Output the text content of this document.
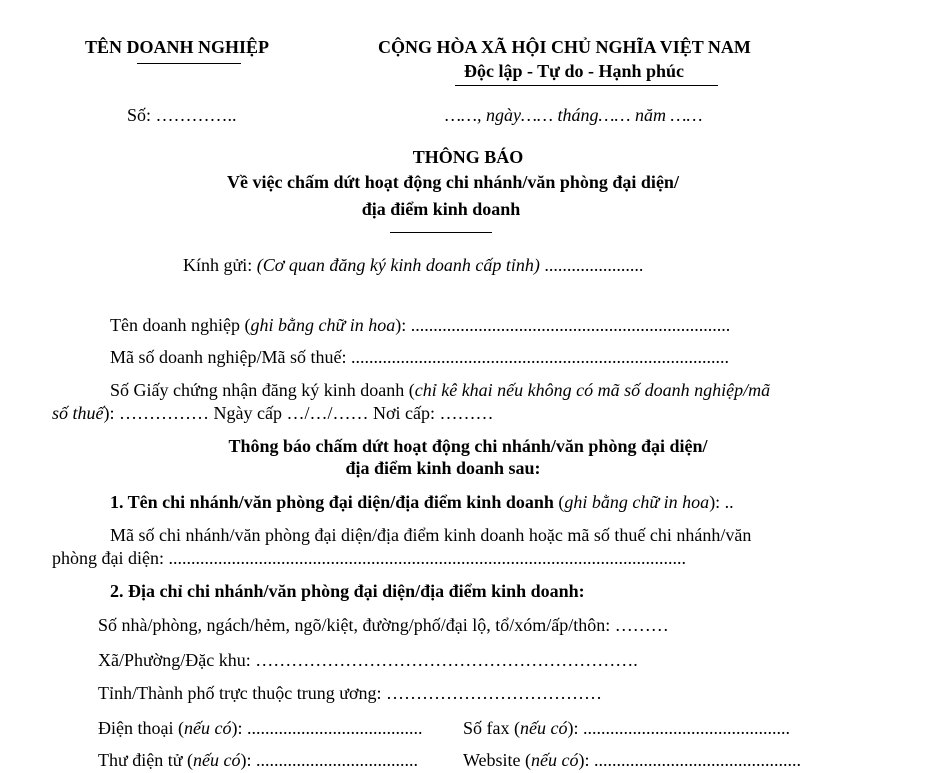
TÊN DOANH NGHIỆP	CỘNG HÒA XÃ HỘI CHỦ NGHĨA VIỆT NAM
Độc lập - Tự do - Hạnh phúc
Số: …………..	……, ngày…… tháng…… năm ……
THÔNG BÁO
Về việc chấm dứt hoạt động chi nhánh/văn phòng đại diện/
địa điểm kinh doanh
Kính gửi: (Cơ quan đăng ký kinh doanh cấp tỉnh) ......................
Tên doanh nghiệp (ghi bằng chữ in hoa): .......................................................................
Mã số doanh nghiệp/Mã số thuế: ....................................................................................
Số Giấy chứng nhận đăng ký kinh doanh (chỉ kê khai nếu không có mã số doanh nghiệp/mã
số thuế): …………… Ngày cấp …/…/…… Nơi cấp: ………
Thông báo chấm dứt hoạt động chi nhánh/văn phòng đại diện/
địa điểm kinh doanh sau:
1. Tên chi nhánh/văn phòng đại diện/địa điểm kinh doanh (ghi bằng chữ in hoa): ..
Mã số chi nhánh/văn phòng đại diện/địa điểm kinh doanh hoặc mã số thuế chi nhánh/văn
phòng đại diện: ...................................................................................................................
2. Địa chỉ chi nhánh/văn phòng đại diện/địa điểm kinh doanh:
Số nhà/phòng, ngách/hẻm, ngõ/kiệt, đường/phố/đại lộ, tổ/xóm/ấp/thôn: ………
Xã/Phường/Đặc khu: ……………………………………………………….
Tỉnh/Thành phố trực thuộc trung ương: ………………………………
Điện thoại (nếu có): ....................................... Số fax (nếu có): ..............................................
Thư điện tử (nếu có): ....................................	Website (nếu có): ..............................................
